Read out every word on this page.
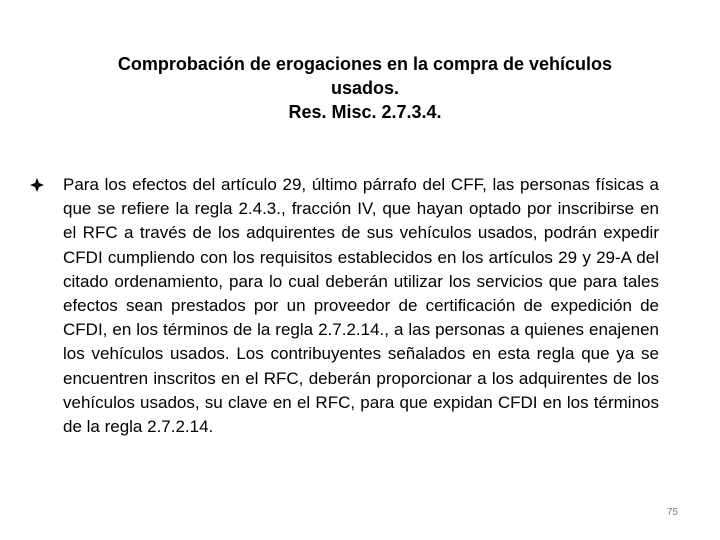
Comprobación de erogaciones en la compra de vehículos
usados.
Res. Misc. 2.7.3.4.

Para los efectos del artículo 29, último párrafo del CFF, las personas físicas a que se refiere la regla 2.4.3., fracción IV, que hayan optado por inscribirse en el RFC a través de los adquirentes de sus vehículos usados, podrán expedir CFDI cumpliendo con los requisitos establecidos en los artículos 29 y 29-A del citado ordenamiento, para lo cual deberán utilizar los servicios que para tales efectos sean prestados por un proveedor de certificación de expedición de CFDI, en los términos de la regla 2.7.2.14., a las personas a quienes enajenen los vehículos usados. Los contribuyentes señalados en esta regla que ya se encuentren inscritos en el RFC, deberán proporcionar a los adquirentes de los vehículos usados, su clave en el RFC, para que expidan CFDI en los términos de la regla 2.7.2.14.

75
